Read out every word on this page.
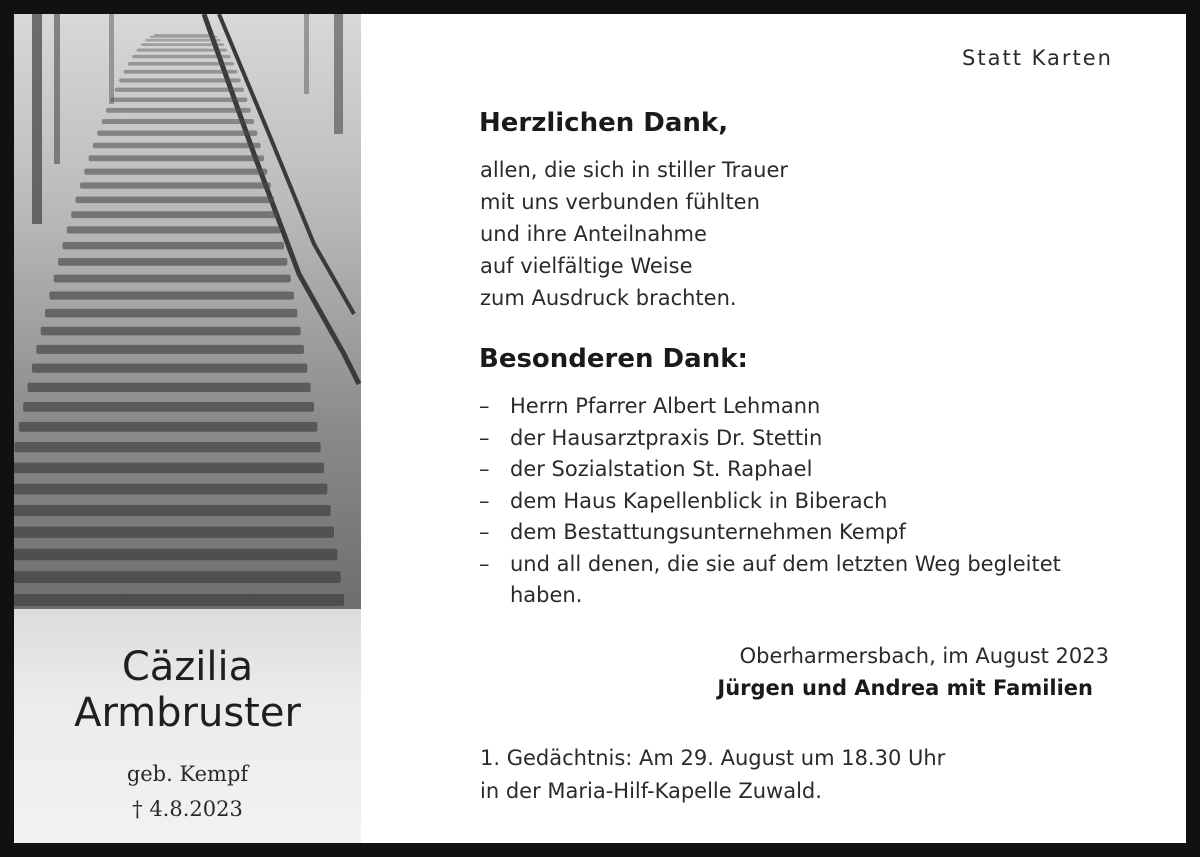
Cäzilia
Armbruster
geb. Kempf
† 4.8.2023
Statt Karten
Herzlichen Dank,
allen, die sich in stiller Trauer
mit uns verbunden fühlten
und ihre Anteilnahme
auf vielfältige Weise
zum Ausdruck brachten.
Besonderen Dank:
– Herrn Pfarrer Albert Lehmann
– der Hausarztpraxis Dr. Stettin
– der Sozialstation St. Raphael
– dem Haus Kapellenblick in Biberach
– dem Bestattungsunternehmen Kempf
– und all denen, die sie auf dem letzten Weg begleitet haben.
Oberharmersbach, im August 2023
Jürgen und Andrea mit Familien
1. Gedächtnis: Am 29. August um 18.30 Uhr
in der Maria-Hilf-Kapelle Zuwald.
